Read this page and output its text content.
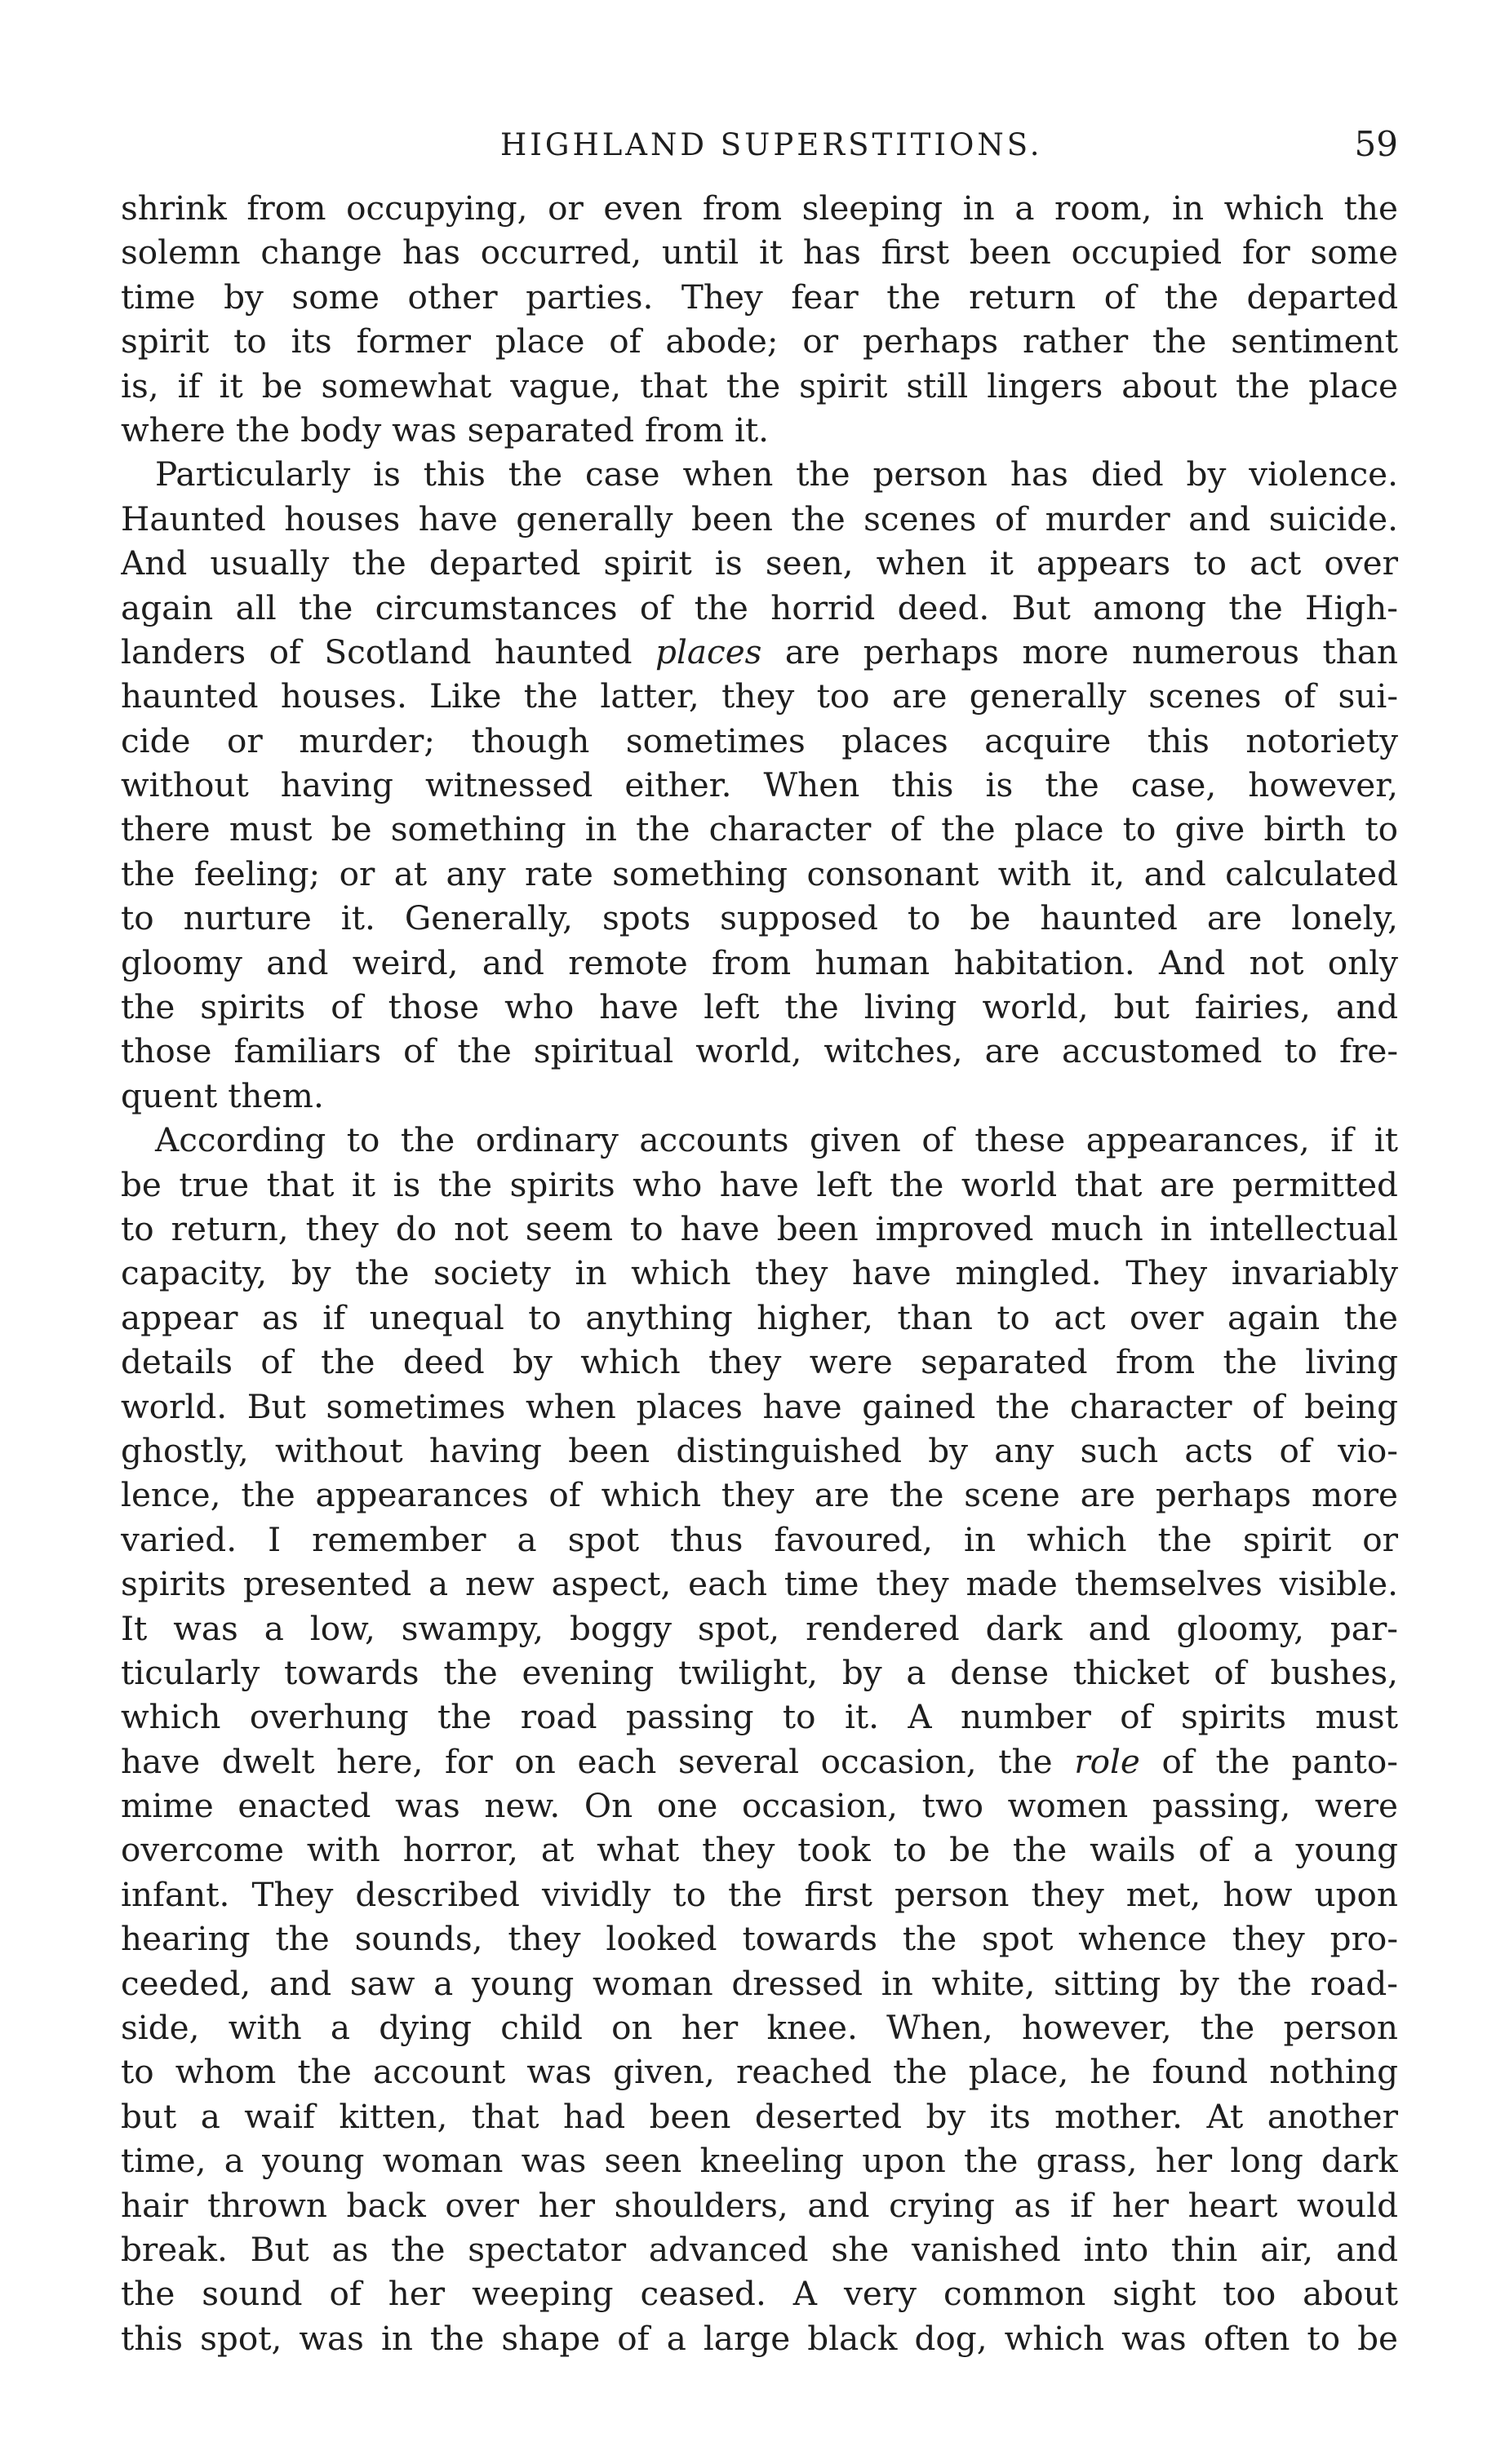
HIGHLAND SUPERSTITIONS.	59
shrink from occupying, or even from sleeping in a room, in which the
solemn change has occurred, until it has first been occupied for some
time by some other parties. They fear the return of the departed
spirit to its former place of abode; or perhaps rather the sentiment
is, if it be somewhat vague, that the spirit still lingers about the place
where the body was separated from it.
Particularly is this the case when the person has died by violence.
Haunted houses have generally been the scenes of murder and suicide.
And usually the departed spirit is seen, when it appears to act over
again all the circumstances of the horrid deed. But among the High-
landers of Scotland haunted places are perhaps more numerous than
haunted houses. Like the latter, they too are generally scenes of sui-
cide or murder; though sometimes places acquire this notoriety
without having witnessed either. When this is the case, however,
there must be something in the character of the place to give birth to
the feeling; or at any rate something consonant with it, and calculated
to nurture it. Generally, spots supposed to be haunted are lonely,
gloomy and weird, and remote from human habitation. And not only
the spirits of those who have left the living world, but fairies, and
those familiars of the spiritual world, witches, are accustomed to fre-
quent them.
According to the ordinary accounts given of these appearances, if it
be true that it is the spirits who have left the world that are permitted
to return, they do not seem to have been improved much in intellectual
capacity, by the society in which they have mingled. They invariably
appear as if unequal to anything higher, than to act over again the
details of the deed by which they were separated from the living
world. But sometimes when places have gained the character of being
ghostly, without having been distinguished by any such acts of vio-
lence, the appearances of which they are the scene are perhaps more
varied. I remember a spot thus favoured, in which the spirit or
spirits presented a new aspect, each time they made themselves visible.
It was a low, swampy, boggy spot, rendered dark and gloomy, par-
ticularly towards the evening twilight, by a dense thicket of bushes,
which overhung the road passing to it. A number of spirits must
have dwelt here, for on each several occasion, the role of the panto-
mime enacted was new. On one occasion, two women passing, were
overcome with horror, at what they took to be the wails of a young
infant. They described vividly to the first person they met, how upon
hearing the sounds, they looked towards the spot whence they pro-
ceeded, and saw a young woman dressed in white, sitting by the road-
side, with a dying child on her knee. When, however, the person
to whom the account was given, reached the place, he found nothing
but a waif kitten, that had been deserted by its mother. At another
time, a young woman was seen kneeling upon the grass, her long dark
hair thrown back over her shoulders, and crying as if her heart would
break. But as the spectator advanced she vanished into thin air, and
the sound of her weeping ceased. A very common sight too about
this spot, was in the shape of a large black dog, which was often to be
